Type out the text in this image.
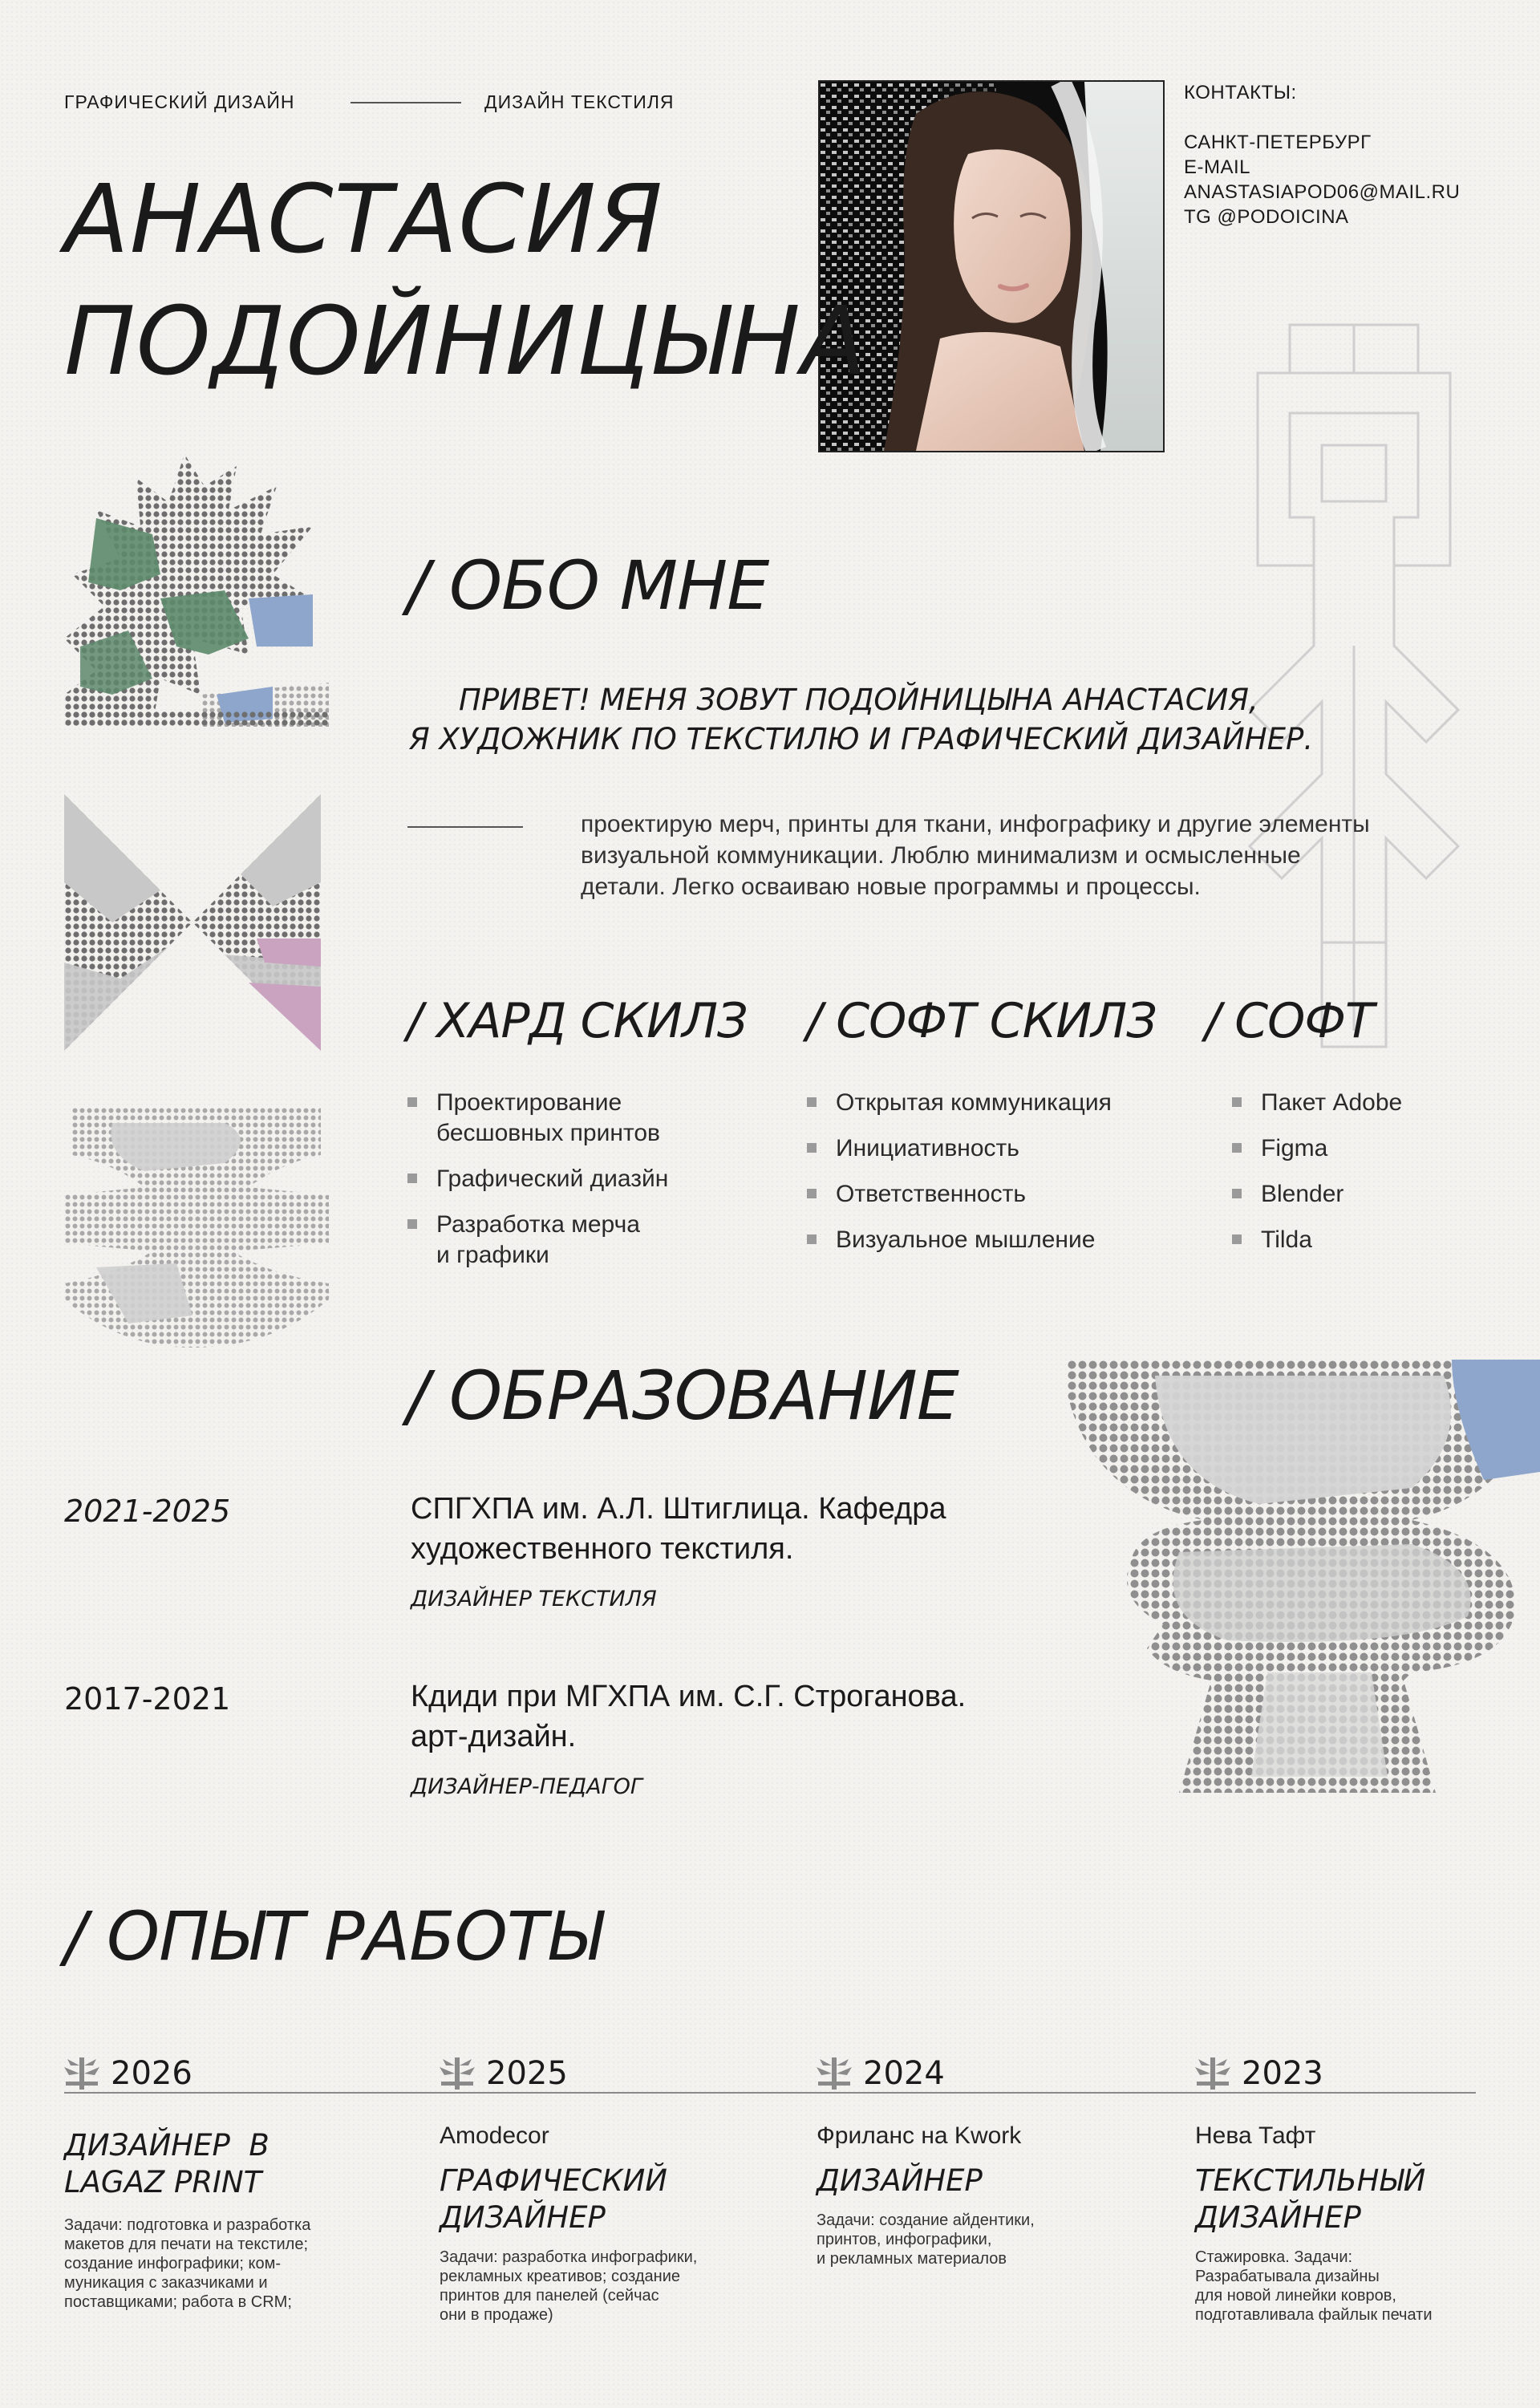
ГРАФИЧЕСКИЙ ДИЗАЙН	ДИЗАЙН ТЕКСТИЛЯ
АНАСТАСИЯ
ПОДОЙНИЦЫНА
КОНТАКТЫ:
САНКТ-ПЕТЕРБУРГ
E-MAIL
ANASTASIAPOD06@MAIL.RU
TG @PODOICINA
/ ОБО МНЕ
ПРИВЕТ! МЕНЯ ЗОВУТ ПОДОЙНИЦЫНА АНАСТАСИЯ,
Я ХУДОЖНИК ПО ТЕКСТИЛЮ И ГРАФИЧЕСКИЙ ДИЗАЙНЕР.
проектирую мерч, принты для ткани, инфографику и другие элементы
визуальной коммуникации. Люблю минимализм и осмысленные
детали. Легко осваиваю новые программы и процессы.
/ ХАРД СКИЛЗ
Проектирование
бесшовных принтов
Графический диазйн
Разработка мерча
и графики
/ СОФТ СКИЛЗ
Открытая коммуникация
Инициативность
Ответственность
Визуальное мышление
/ СОФТ
Пакет Adobe
Figma
Blender
Tilda
/ ОБРАЗОВАНИЕ
2021-2025	СПГХПА им. А.Л. Штиглица. Кафедра
художественного текстиля.
ДИЗАЙНЕР ТЕКСТИЛЯ
2017-2021	Кдиди при МГХПА им. С.Г. Строганова.
арт-дизайн.
ДИЗАЙНЕР-ПЕДАГОГ
/ ОПЫТ РАБОТЫ
2026
ДИЗАЙНЕР  В
LAGAZ PRINT
Задачи: подготовка и разработка
макетов для печати на текстиле;
создание инфографики; ком-
муникация с заказчиками и
поставщиками; работа в CRM;
2025
Amodecor
ГРАФИЧЕСКИЙ
ДИЗАЙНЕР
Задачи: разработка инфографики,
рекламных креативов; создание
принтов для панелей (сейчас
они в продаже)
2024
Фриланс на Kwork
ДИЗАЙНЕР
Задачи: создание айдентики,
принтов, инфографики,
и рекламных материалов
2023
Нева Тафт
ТЕКСТИЛЬНЫЙ
ДИЗАЙНЕР
Стажировка. Задачи:
Разрабатывала дизайны
для новой линейки ковров,
подготавливала файлык печати
